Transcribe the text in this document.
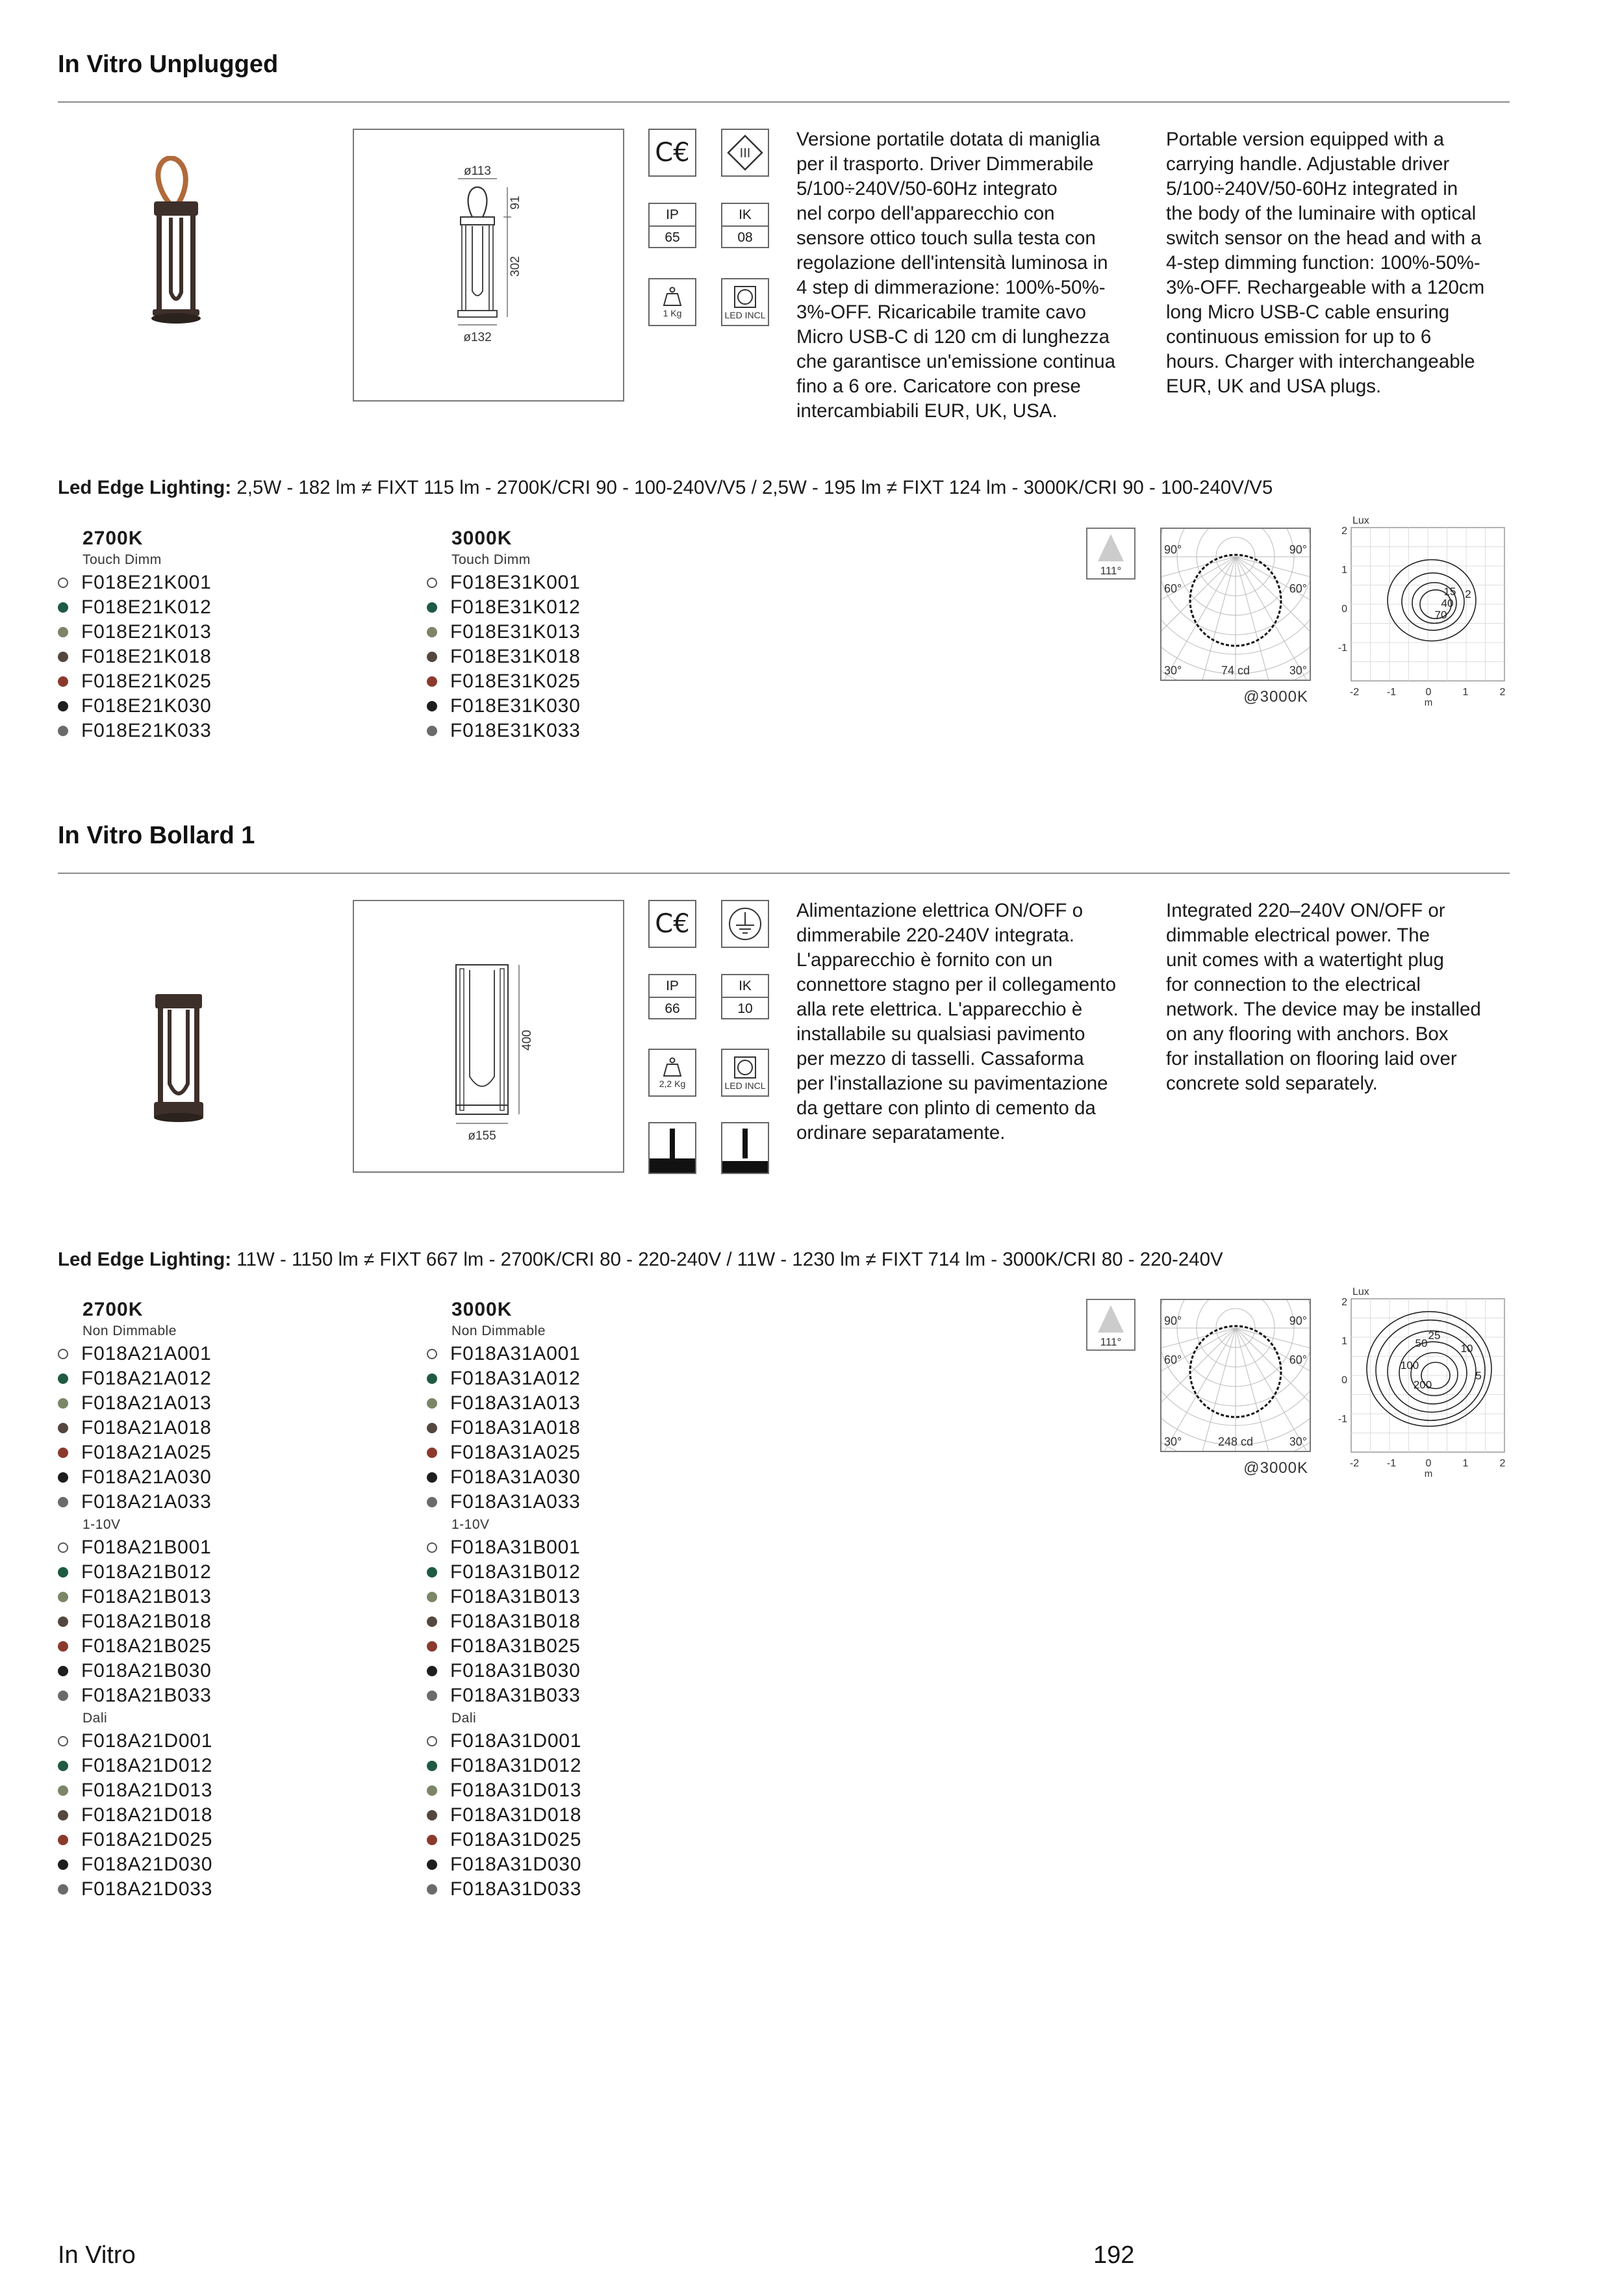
In Vitro Unplugged
ø113
91
302
ø132
C€	III
IP
65
IK
08
1 Kg	LED INCL

Versione portatile dotata di maniglia
per il trasporto. Driver Dimmerabile
5/100÷240V/50-60Hz integrato
nel corpo dell'apparecchio con
sensore ottico touch sulla testa con
regolazione dell'intensità luminosa in
4 step di dimmerazione: 100%-50%-
3%-OFF. Ricaricabile tramite cavo
Micro USB-C di 120 cm di lunghezza
che garantisce un'emissione continua
fino a 6 ore. Caricatore con prese
intercambiabili EUR, UK, USA.

Portable version equipped with a
carrying handle. Adjustable driver
5/100÷240V/50-60Hz integrated in
the body of the luminaire with optical
switch sensor on the head and with a
4-step dimming function: 100%-50%-
3%-OFF. Rechargeable with a 120cm
long Micro USB-C cable ensuring
continuous emission for up to 6
hours. Charger with interchangeable
EUR, UK and USA plugs.

Led Edge Lighting: 2,5W - 182 lm ≠ FIXT 115 lm - 2700K/CRI 90 - 100-240V/V5 / 2,5W - 195 lm ≠ FIXT 124 lm - 3000K/CRI 90 - 100-240V/V5
2700K
Touch Dimm
F018E21K001
F018E21K012
F018E21K013
F018E21K018
F018E21K025
F018E21K030
F018E21K033
3000K
Touch Dimm
F018E31K001
F018E31K012
F018E31K013
F018E31K018
F018E31K025
F018E31K030
F018E31K033
111°
90°	90°
60°	60°
30°	30°
74 cd
@3000K
Lux
2
1
0
-1
-2	-1	0	1	2
m
15 2
40
70
In Vitro Bollard 1
400
ø155
C€
IP
66
IK
10
2,2 Kg	LED INCL

Alimentazione elettrica ON/OFF o
dimmerabile 220-240V integrata.
L'apparecchio è fornito con un
connettore stagno per il collegamento
alla rete elettrica. L'apparecchio è
installabile su qualsiasi pavimento
per mezzo di tasselli. Cassaforma
per l'installazione su pavimentazione
da gettare con plinto di cemento da
ordinare separatamente.

Integrated 220–240V ON/OFF or
dimmable electrical power. The
unit comes with a watertight plug
for connection to the electrical
network. The device may be installed
on any flooring with anchors. Box
for installation on flooring laid over
concrete sold separately.

Led Edge Lighting: 11W - 1150 lm ≠ FIXT 667 lm - 2700K/CRI 80 - 220-240V / 11W - 1230 lm ≠ FIXT 714 lm - 3000K/CRI 80 - 220-240V
2700K
Non Dimmable
F018A21A001
F018A21A012
F018A21A013
F018A21A018
F018A21A025
F018A21A030
F018A21A033
1-10V
F018A21B001
F018A21B012
F018A21B013
F018A21B018
F018A21B025
F018A21B030
F018A21B033
Dali
F018A21D001
F018A21D012
F018A21D013
F018A21D018
F018A21D025
F018A21D030
F018A21D033
3000K
Non Dimmable
F018A31A001
F018A31A012
F018A31A013
F018A31A018
F018A31A025
F018A31A030
F018A31A033
1-10V
F018A31B001
F018A31B012
F018A31B013
F018A31B018
F018A31B025
F018A31B030
F018A31B033
Dali
F018A31D001
F018A31D012
F018A31D013
F018A31D018
F018A31D025
F018A31D030
F018A31D033
111°
90°	90°
60°	60°
30°	30°
248 cd
@3000K
Lux
2
1
0
-1
-2	-1	0	1	2
m
25
50	10
100
5
200
In Vitro	192
